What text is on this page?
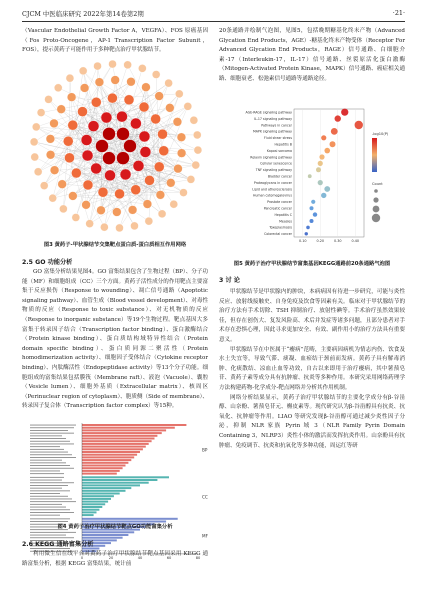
CJCM 中医临床研究 2022年第14卷第2期	·21·

（Vascular Endothelial Growth Factor A，VEGFA）、FOS 原癌基因（Fos Proto-Oncogene，AP-1 Transcription Factor Subunit，FOS），提示黄药子可能作用于多种靶点治疗甲状腺结节。

图3 黄药子-甲状腺结节交集靶点蛋白质-蛋白质相互作用网络
2.5 GO 功能分析

GO 富集分析结果见图4。GO 富集结果包含了生物过程（BP）、分子功能（MF）和细胞组成（CC）三个方面。黄药子活性成分的作用靶点主要富集于反应损伤（Response to wounding）、凋亡信号通路（Apoptotic signaling pathway）、血管生成（Blood vessel development）、对毒性物质的反应（Response to toxic substance）、对无机物质的反应（Response to inorganic substance）等19个生物过程。靶点基因大多富集于转录因子结合（Transcription factor binding）、蛋白激酶结合（Protein kinase binding）、蛋白质结构域特异性结合（Protein domain specific binding）、蛋白质同源二聚活性（Protein homodimerization activity）、细胞因子受体结合（Cytokine receptor binding）、内肽酶活性（Endopeptidase activity）等13个分子功能。细胞组成的富集结果包括膜筏（Membrane raft）、液泡（Vacuole）、囊腔（Vesicle lumen）、细胞外基质（Extracellular matrix）、核周区（Perinuclear region of cytoplasm）、胞质侧（Side of membrane）、转录因子复合体（Transcription factor complex）等15种。

BP
CC
MF
0	20	40	60	80
图4 黄药子治疗甲状腺结节靶点GO功能富集分析
2.6 KEGG 通路富集分析

利用微生信在线平台对黄药子治疗甲状腺结节靶点基因采用 KEGG 通路富集分析，根据 KEGG 富集结果，统计前

20条通路并绘制气泡图，见图5，包括晚期糖基化终末产物（Advanced Glycation End Products，AGE）-糖基化终末产物受体（Receptor For Advanced Glycation End Products，RAGE）信号通路、白细胞介素-17（Interleukin-17，IL-17）信号通路、丝裂原活化蛋白激酶（Mitogen-Activated Protein Kinase，MAPK）信号通路、癌症相关通路、细胞衰老、松弛素信号通路等通路途径。

AGE-RAGE signaling pathway
IL-17 signaling pathway
Pathways in cancer
MAPK signaling pathway
Fluid shear stress
Hepatitis B
Kaposi sarcoma
Relaxin signaling pathway
Cellular senescence
TNF signaling pathway
Bladder cancer
Proteoglycans in cancer
Lipid and atherosclerosis
Human cytomegalovirus
Prostate cancer
Pancreatic cancer
Hepatitis C
Measles
Toxoplasmosis
Colorectal cancer
0.10	0.20	0.30	0.40
-log10(P)
Count
图5 黄药子治疗甲状腺结节富集基因KEGG通路前20条通路气泡图
3 讨 论

甲状腺结节是甲状腺内的肿块，本病病因有待进一步研究，可能与炎性反应、放射线接触史、自身免疫及饮食等因素有关。临床对于甲状腺结节的治疗方法有手术切除、TSH 抑制治疗、放射性碘等。手术治疗虽然效果较佳，但存在创伤大、复发风险高、术后并发症等诸多问题，且部分患者对手术存在恐惧心理，因此寻求更加安全、有效、副作用小的治疗方法具有重要意义。

甲状腺结节在中医属于“瘿病”范畴，主要病因病机为情志内伤、饮食及水土失宜等，导致气滞、痰凝、血瘀结于颈前而发病。黄药子具有解毒消肿、化痰散结、凉血止血等功效，自古以来即用于治疗瘿病，其中薯蓣皂苷、黄药子素等成分具有抗肿瘤、抗炎等多种作用。本研究采用网络药理学方法构建药物-化学成分-靶点网络并分析其作用机制。

网络分析结果显示，黄药子治疗甲状腺结节的主要化学成分有β-谷甾醇、山奈酚、薯蓣皂苷元、槲皮素等。现代研究认为β-谷甾醇具有抗炎、抗氧化、抗肿瘤等作用。LIAO 等研究发现β-谷甾醇可通过减少炎性因子分泌，抑制 NLR 家族 Pyrin 域 3（NLR Family Pyrin Domain Containing 3，NLRP3）炎性小体的激活而发挥抗炎作用。山奈酚具有抗肿瘤、免疫调节、抗炎和抗氧化等多种功能，周运红等研
